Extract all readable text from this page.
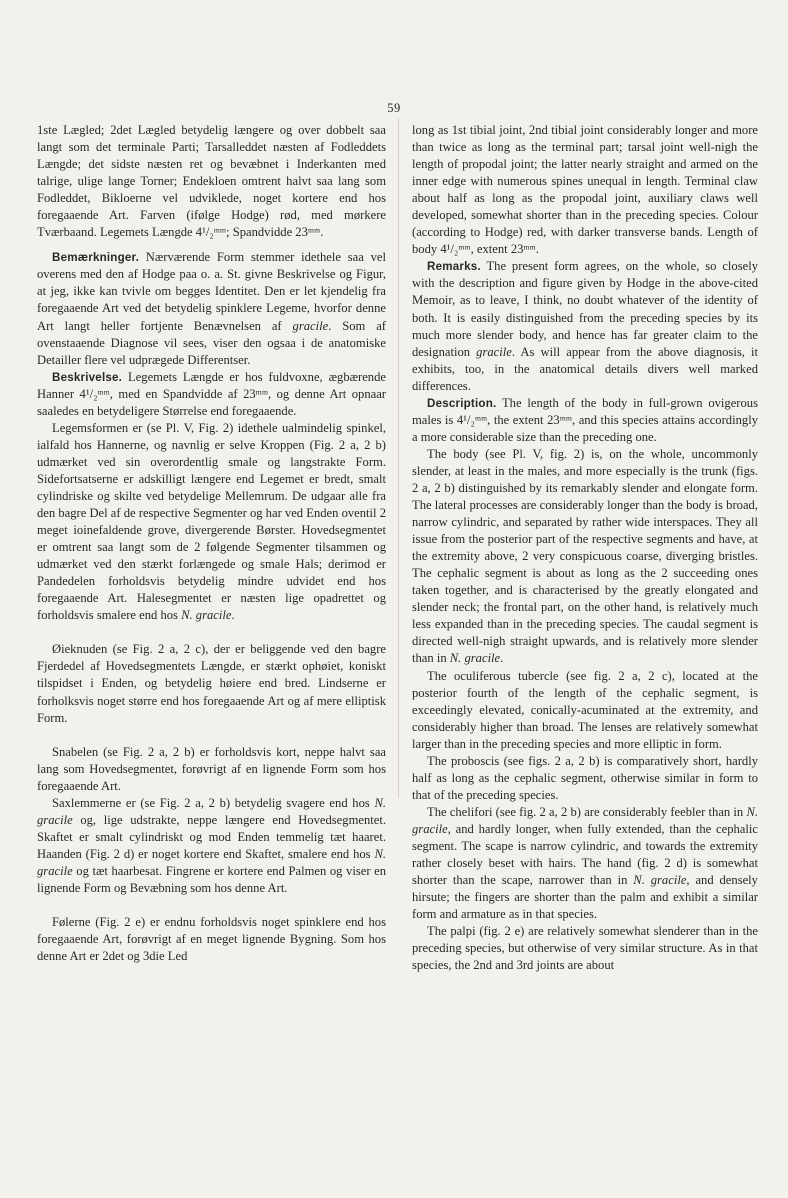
59

1ste Lægled; 2det Lægled betydelig længere og over dobbelt saa langt som det terminale Parti; Tarsalleddet næsten af Fodleddets Længde; det sidste næsten ret og bevæbnet i Inderkanten med talrige, ulige lange Torner; Endekloen omtrent halvt saa lang som Fodleddet, Bikloerne vel udviklede, noget kortere end hos foregaaende Art. Farven (ifølge Hodge) rød, med mørkere Tværbaand. Legemets Længde 4¹/₂ᵐᵐ; Spandvidde 23ᵐᵐ.

Bemærkninger. Nærværende Form stemmer idethele saa vel overens med den af Hodge paa o. a. St. givne Beskrivelse og Figur, at jeg, ikke kan tvivle om begges Identitet. Den er let kjendelig fra foregaaende Art ved det betydelig spinklere Legeme, hvorfor denne Art langt heller fortjente Benævnelsen af gracile. Som af ovenstaaende Diagnose vil sees, viser den ogsaa i de anatomiske Detailler flere vel udprægede Differentser.

Beskrivelse. Legemets Længde er hos fuldvoxne, ægbærende Hanner 4¹/₂ᵐᵐ, med en Spandvidde af 23ᵐᵐ, og denne Art opnaar saaledes en betydeligere Størrelse end foregaaende.

Legemsformen er (se Pl. V, Fig. 2) idethele ualmindelig spinkel, ialfald hos Hannerne, og navnlig er selve Kroppen (Fig. 2 a, 2 b) udmærket ved sin overordentlig smale og langstrakte Form. Sidefortsatserne er adskilligt længere end Legemet er bredt, smalt cylindriske og skilte ved betydelige Mellemrum. De udgaar alle fra den bagre Del af de respective Segmenter og har ved Enden oventil 2 meget ioinefaldende grove, divergerende Børster. Hovedsegmentet er omtrent saa langt som de 2 følgende Segmenter tilsammen og udmærket ved den stærkt forlængede og smale Hals; derimod er Pandedelen forholdsvis betydelig mindre udvidet end hos foregaaende Art. Halesegmentet er næsten lige opadrettet og forholdsvis smalere end hos N. gracile.

Øieknuden (se Fig. 2 a, 2 c), der er beliggende ved den bagre Fjerdedel af Hovedsegmentets Længde, er stærkt ophøiet, koniskt tilspidset i Enden, og betydelig høiere end bred. Lindserne er forholksvis noget større end hos foregaaende Art og af mere elliptisk Form.

Snabelen (se Fig. 2 a, 2 b) er forholdsvis kort, neppe halvt saa lang som Hovedsegmentet, forøvrigt af en lignende Form som hos foregaaende Art.

Saxlemmerne er (se Fig. 2 a, 2 b) betydelig svagere end hos N. gracile og, lige udstrakte, neppe længere end Hovedsegmentet. Skaftet er smalt cylindriskt og mod Enden temmelig tæt haaret. Haanden (Fig. 2 d) er noget kortere end Skaftet, smalere end hos N. gracile og tæt haarbesat. Fingrene er kortere end Palmen og viser en lignende Form og Bevæbning som hos denne Art.

Følerne (Fig. 2 e) er endnu forholdsvis noget spinklere end hos foregaaende Art, forøvrigt af en meget lignende Bygning. Som hos denne Art er 2det og 3die Led

long as 1st tibial joint, 2nd tibial joint considerably longer and more than twice as long as the terminal part; tarsal joint well-nigh the length of propodal joint; the latter nearly straight and armed on the inner edge with numerous spines unequal in length. Terminal claw about half as long as the propodal joint, auxiliary claws well developed, somewhat shorter than in the preceding species. Colour (according to Hodge) red, with darker transverse bands. Length of body 4¹/₂ᵐᵐ, extent 23ᵐᵐ.

Remarks. The present form agrees, on the whole, so closely with the description and figure given by Hodge in the above-cited Memoir, as to leave, I think, no doubt whatever of the identity of both. It is easily distinguished from the preceding species by its much more slender body, and hence has far greater claim to the designation gracile. As will appear from the above diagnosis, it exhibits, too, in the anatomical details divers well marked differences.

Description. The length of the body in full-grown ovigerous males is 4¹/₂ᵐᵐ, the extent 23ᵐᵐ, and this species attains accordingly a more considerable size than the preceding one.

The body (see Pl. V, fig. 2) is, on the whole, uncommonly slender, at least in the males, and more especially is the trunk (figs. 2 a, 2 b) distinguished by its remarkably slender and elongate form. The lateral processes are considerably longer than the body is broad, narrow cylindric, and separated by rather wide interspaces. They all issue from the posterior part of the respective segments and have, at the extremity above, 2 very conspicuous coarse, diverging bristles. The cephalic segment is about as long as the 2 succeeding ones taken together, and is characterised by the greatly elongated and slender neck; the frontal part, on the other hand, is relatively much less expanded than in the preceding species. The caudal segment is directed well-nigh straight upwards, and is relatively more slender than in N. gracile.

The oculiferous tubercle (see fig. 2 a, 2 c), located at the posterior fourth of the length of the cephalic segment, is exceedingly elevated, conically-acuminated at the extremity, and considerably higher than broad. The lenses are relatively somewhat larger than in the preceding species and more elliptic in form.

The proboscis (see figs. 2 a, 2 b) is comparatively short, hardly half as long as the cephalic segment, otherwise similar in form to that of the preceding species.

The chelifori (see fig. 2 a, 2 b) are considerably feebler than in N. gracile, and hardly longer, when fully extended, than the cephalic segment. The scape is narrow cylindric, and towards the extremity rather closely beset with hairs. The hand (fig. 2 d) is somewhat shorter than the scape, narrower than in N. gracile, and densely hirsute; the fingers are shorter than the palm and exhibit a similar form and armature as in that species.

The palpi (fig. 2 e) are relatively somewhat slenderer than in the preceding species, but otherwise of very similar structure. As in that species, the 2nd and 3rd joints are about
